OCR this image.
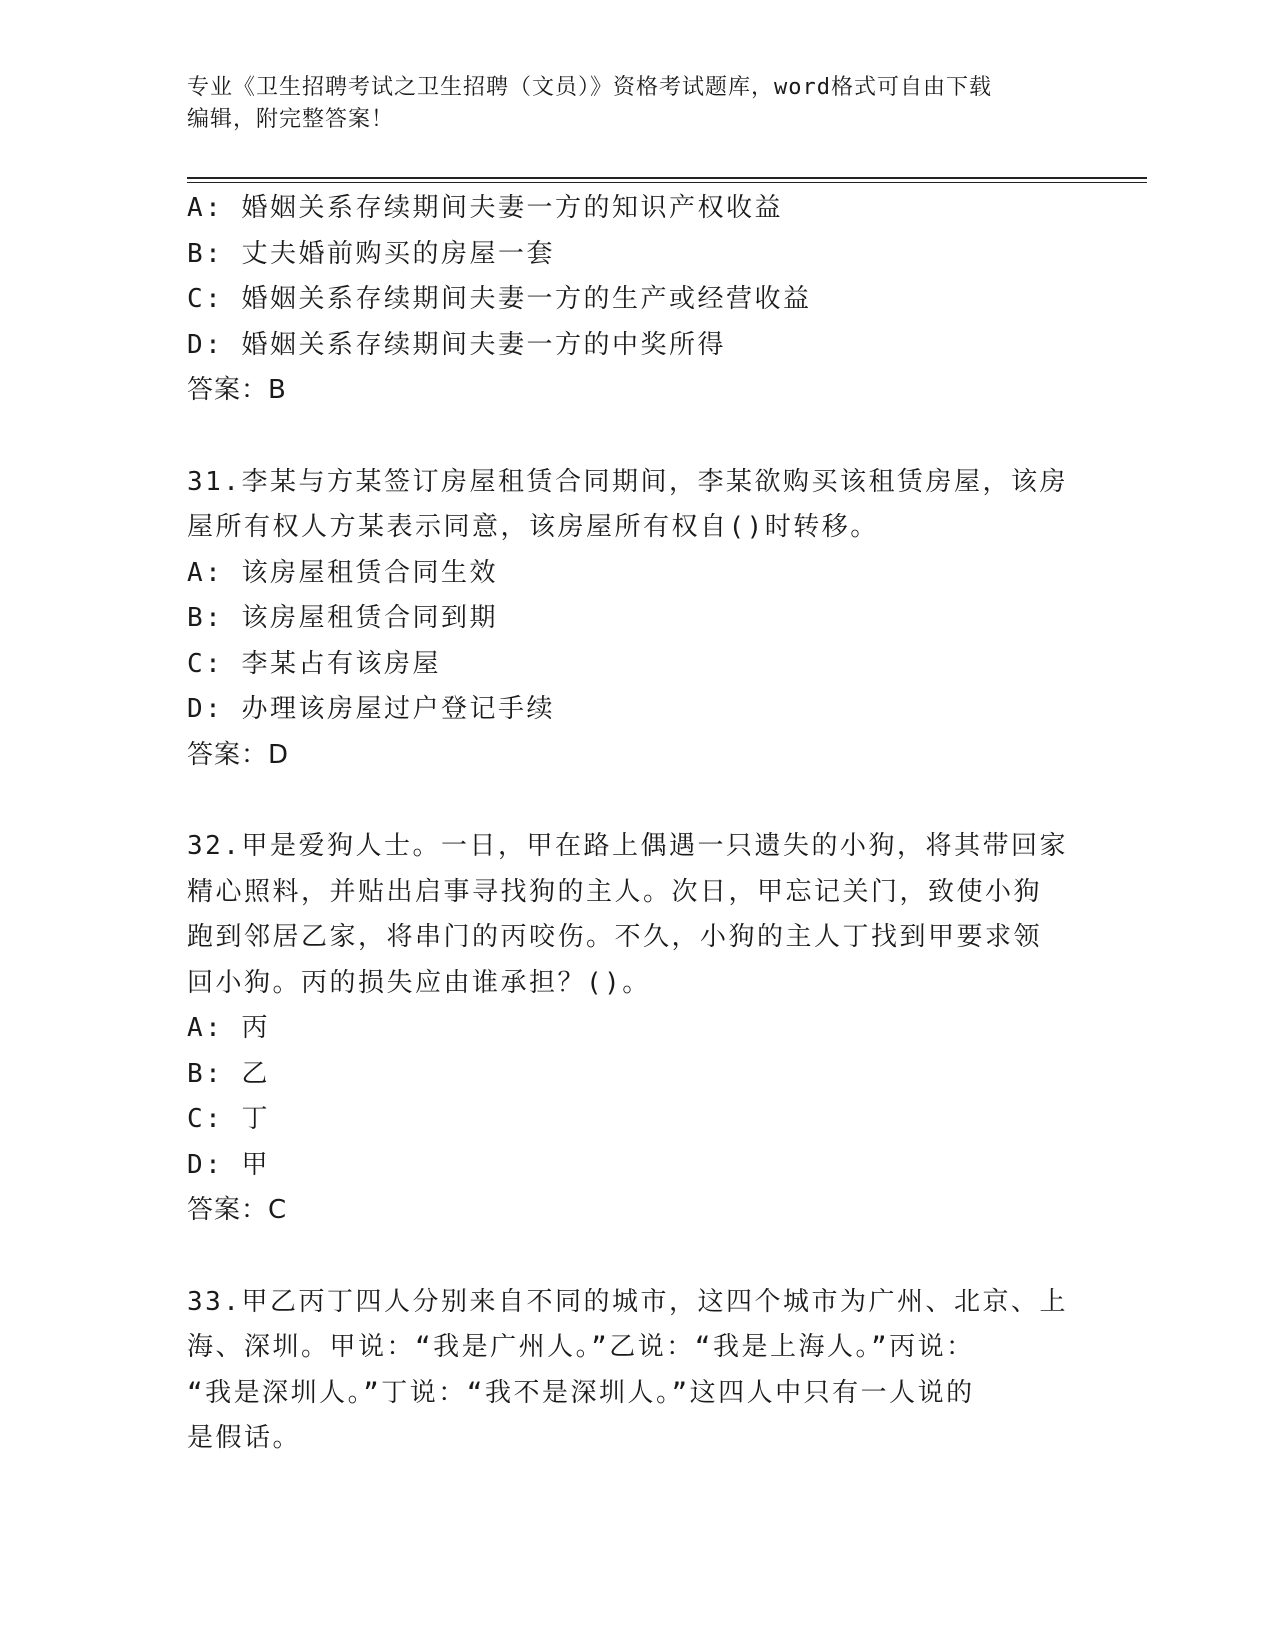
专业《卫生招聘考试之卫生招聘（文员）》资格考试题库，word格式可自由下载
编辑，附完整答案！
A: 婚姻关系存续期间夫妻一方的知识产权收益
B: 丈夫婚前购买的房屋一套
C: 婚姻关系存续期间夫妻一方的生产或经营收益
D: 婚姻关系存续期间夫妻一方的中奖所得
答案：B
31.李某与方某签订房屋租赁合同期间，李某欲购买该租赁房屋，该房
屋所有权人方某表示同意，该房屋所有权自()时转移。
A: 该房屋租赁合同生效
B: 该房屋租赁合同到期
C: 李某占有该房屋
D: 办理该房屋过户登记手续
答案：D
32.甲是爱狗人士。一日，甲在路上偶遇一只遗失的小狗，将其带回家
精心照料，并贴出启事寻找狗的主人。次日，甲忘记关门，致使小狗
跑到邻居乙家，将串门的丙咬伤。不久，小狗的主人丁找到甲要求领
回小狗。丙的损失应由谁承担？()。
A: 丙
B: 乙
C: 丁
D: 甲
答案：C
33.甲乙丙丁四人分别来自不同的城市，这四个城市为广州、北京、上
海、深圳。甲说：“我是广州人。”乙说：“我是上海人。”丙说：
“我是深圳人。”丁说：“我不是深圳人。”这四人中只有一人说的
是假话。
